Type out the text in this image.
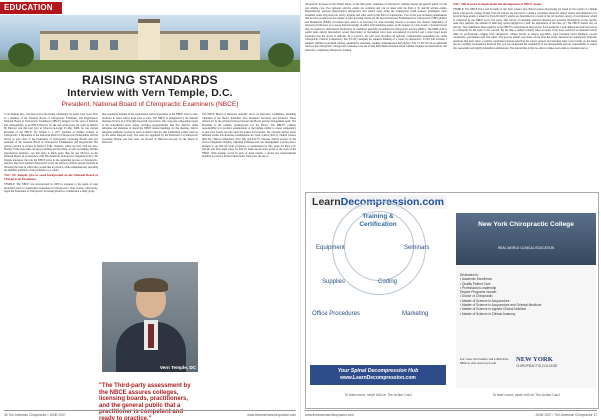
EDUCATION
RAISING STANDARDS
Interview with Vern Temple, D.C.
President, National Board of Chiropractic Examiners (NBCE)

V ern Temple, D.C., has been part of the testing community for nearly forty years. First as a member of the Vermont Board of Chiropractic Examiners and Registration, National Board of Chiropractic Examiners (NBCE) delegate for the state of Vermont and, subsequently, as an NBCE Director for the past seven years, six years as District III Director and this past year as Director-at-Large. In May 2006, he was elected President of the NBCE. Dr. Temple is a 1977 graduate of Palmer College of Chiropractic, a Diplomate of the American Board of Chiropractic Orthopedists and has served as past chair of the Federation of Chiropractic Licensing Boards and past president of the Vermont Board of Chiropractic Examination and Registration. His private practice is located in Bellows Falls, Vermont, where he lives with his wife, Shelley. In his spare time, he enjoys running and bicycling, as well as building. Shelley reproduction furniture—not that there is much spare time for any Director on the National Board. In an interview with The American Chiropractor magazine (TAC), Dr. Temple expresses the role the NBCE plays in the regulating process of chiropractic, and how they have enabled chiropractic across the nation to achieve greater freedom in choosing the state in which they would like to practice, while simultaneously elevating the minimal standards of the profession as a whole.

TAC: Dr. Temple, give us some background on the National Board of Chiropractic Examiners.

TEMPLE: The NBCE was incorporated in 1963 in response to the needs of state licensing boards to standardize assessment of chiropractors. State boards, collectively, urged the Federation of Chiropractic Licensing Boards to commission a study group

that eventually resulted in the organization and incorporation of the NBCE. Prior to that, licensure in states varied from state to state. The NBCE is designated by the Internal Revenue Service as a 501(c)(6) non-profit corporation. Our corporate composition began at the state/district level. States, arranged geographically into five districts, name delegates and alternates to attend the NBCE annual meetings. At that meeting, district delegates nominate a person to serve as district director; this nomination is then voted on by the entire delegate body. Two seats are appointed by the Federation of Chiropractic Licensing Boards and four seats are elected as Directors-at-Large by the Board of Directors.

The NBCE Board of Directors annually elects an Executive Committee, including Chairman of the Board, President, Vice President, Secretary and Treasurer. These officers act as the principal liaison between the Board and the management team. The President is the primary spokesperson for the Board. The NBCE's primary responsibility is to produce examinations of the highest caliber to assess competency so that state boards can rely upon the results for licensure. We currently deliver seven different exams. Pre-licensure examinations are: basic science (Part I), clinical science (Part II), clinical competency (Part III), and Part IV assesses clinical practice in the areas of diagnostic imaging, adjusting technique and case management. Let me point a moment to say that the wide acceptance or requirement by fifty states for Parts I, II, and III, and forty-eight states for Part IV make me the most proud of the work of the NBCE. With passing scores in each of these exams, a doctor has unprecedented mobility to practice in the United States. Each year, the use of

Vern Temple, DC
"The Third-party assessment by the NBCE assures colleges, licensing boards, practitioners, and the general public that a practitioner is competent and ready to practice."
36 The American Chiropractor • JUNE 2007	www.theamericanchiropractor.com

chiropractic increases in the United States, so the third party validation of chiropractic training assures the general public of safe and reliable care. Two optional, elective exams are available and can be taken with the Parts I, II, and III written exams. Physiotherapy assesses physiological therapeutics and related areas while the acupuncture exam assesses techniques, basic treatment terms and protocols, safety, hygiene and other areas in the field of acupuncture. Two of the post-licensure examinations that we have produced at the request of state licensing boards are the Special Purposes Examination for Chiropractic (SPEC) Ethics and Boundaries (E&B). Occasions arise when it is necessary for state licensing boards to re-assess the clinical competency of licensed practitioners or to assess their knowledge of ethics and boundaries issues. At the request of a state board, a licensed doctor may be required to demonstrate proficiency in conditions generally encountered in chiropractic practice (SPEC). The E&B exam is useful when ethical misconduct, sexual misconduct or harassment have been encountered in practice and a state board needs assurance that the doctor is ethically fit to practice. We will soon introduce an optional, computerized assessment test called Chiropractic Clinical Competency Test (CCAT) designed for students thinking of a career in chiropractic. CCAT will evaluate a student's abilities in problem solving, quantitative reasoning, reading comprehension and physics. The CCAT will be an additional resource that chiropractic colleges and counselors can use to help them make decisions about whether students are interested in, and suited for, completing chiropractic training.

TAC: Tell us more in depth about the development of NBCE exams.

TEMPLE: The NBCE Part I and II exams to test basic science and clinical science knowledge are based on the results of a Delphi study. Chiropractic college faculty from all schools are surveyed to obtain a consensus about the subject matter and emphasis to be given in these exams. Content for Parts III and IV exams are determined as a result of the job analysis survey of practitioners, which is conducted by the NBCE every five years. This survey of randomly selected chiropractors provides information on the specific tasks they perform, the amount of time they spend engaged in a task, the importance of the task, etc. The NBCE doesn't rely on surveys. Test committees meet regularly at the NBCE to participate in this process. Each exam has a well-defined test plan that serves as a blueprint for the topics to be covered. By the time a student actually takes an exam, it has been reviewed an extended twenty times by professionals ranging from chiropractic college faculty to subject specialists, state licensing board members, on-site consultants, government staff and others. The process doesn't stop there. Given after the exam, questions are statistically analyzed; questions that don't show a positive correlation between selecting the correct answer and selecting other correct items on the entire test are carefully reconsidered. From all this, you can understand the complexity of test development and our responsibility to ensure fair, reasonable and legally defensible examinations. The bottom line is that we strive to make each exam as consistent and as

LearnDecompression.com
Training & Certification
Equipment	Seminars
Supplies	Coding
Office Procedures	Marketing
Your Spinal Decompression Hub
www.LearnDecompression.com
To learn more, circle #34 on The Action Card
New York Chiropractic College
REAL-WORLD CLINICAL EDUCATION
Dedicated to:
• Academic Excellence
• Quality Patient Care
• Professional Leadership
Degree Programs include:
• Doctor of Chiropractic
• Master of Science in Acupuncture
• Master of Science in Acupuncture and Oriental Medicine
• Master of Science in Applied Clinical Nutrition
• Master of Science in Clinical Anatomy
For more information call 1-800-234-6822 or visit www.nycc.edu	NEW YORK
CHIROPRACTIC COLLEGE
To learn more, circle #44 on The Action Card
www.theamericanchiropractor.com	JUNE 2007 • The American Chiropractor 37
